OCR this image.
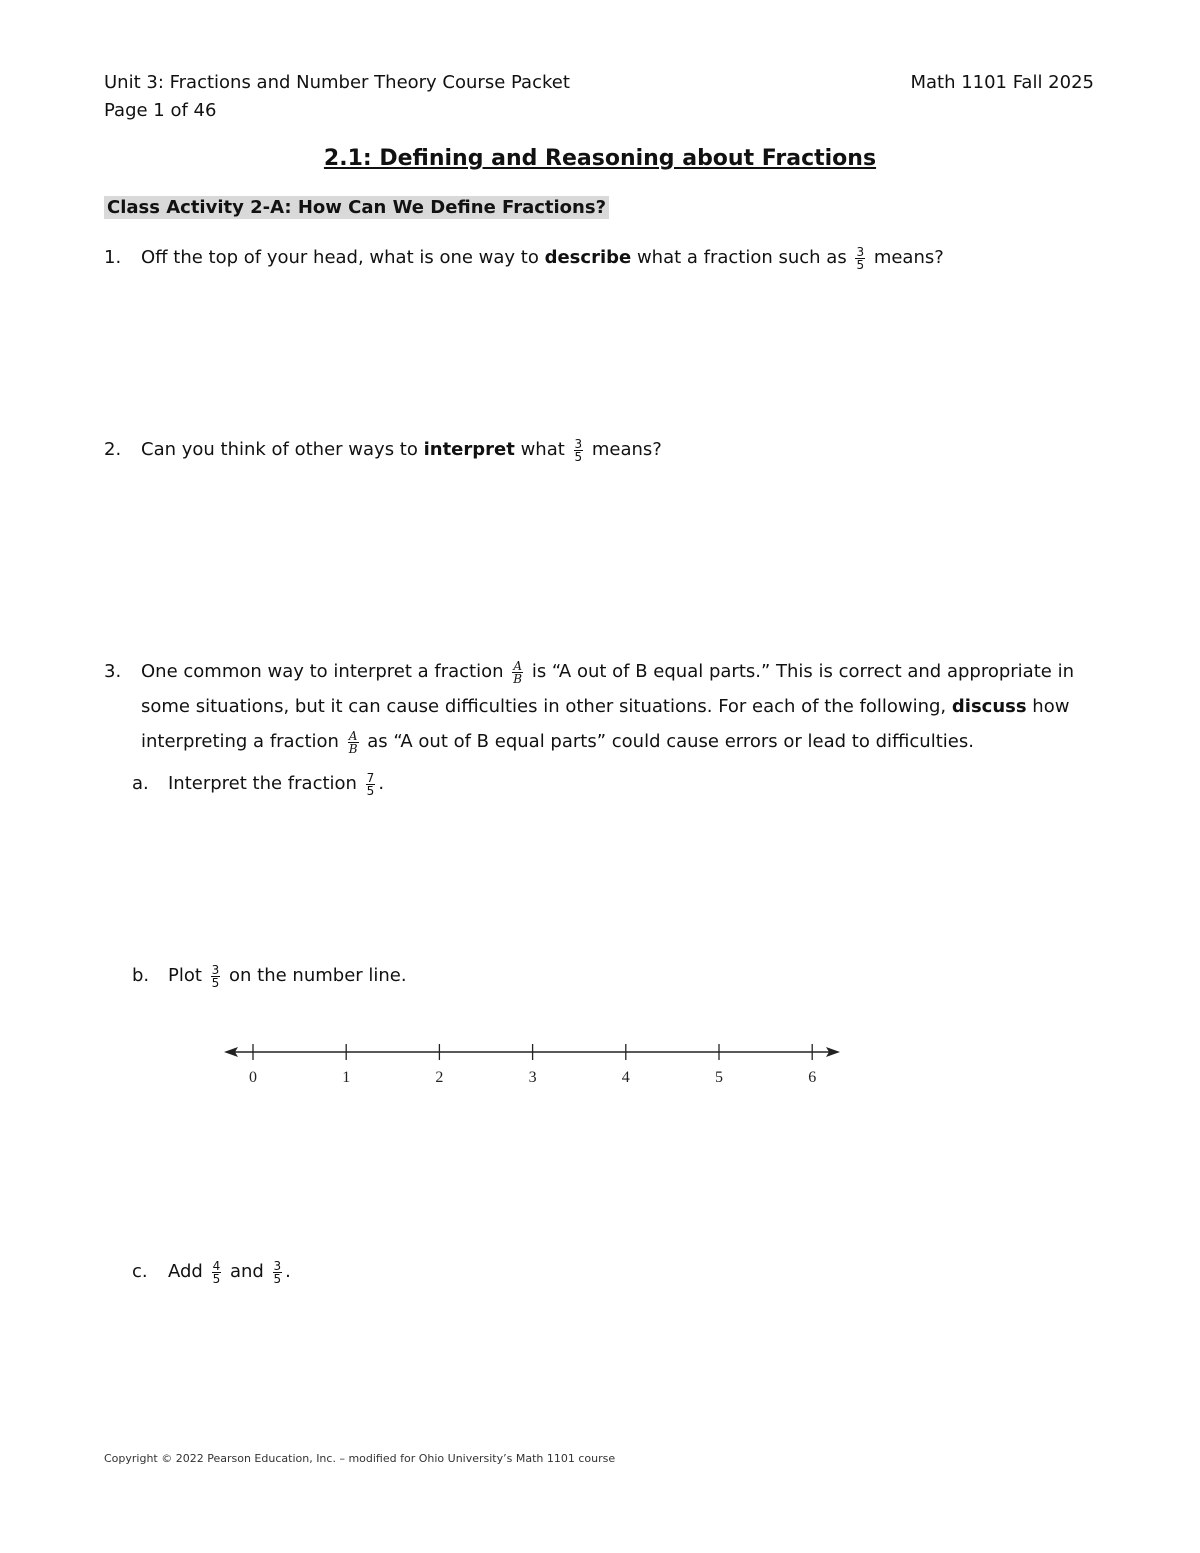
Unit 3: Fractions and Number Theory Course Packet
Page 1 of 46
Math 1101 Fall 2025
2.1: Defining and Reasoning about Fractions
Class Activity 2-A: How Can We Define Fractions?
1. Off the top of your head, what is one way to describe what a fraction such as $\frac{3}{5}$ means?
2. Can you think of other ways to interpret what $\frac{3}{5}$ means?
3. One common way to interpret a fraction $\frac{A}{B}$ is “A out of B equal parts.” This is correct and appropriate in
some situations, but it can cause difficulties in other situations. For each of the following, discuss how
interpreting a fraction $\frac{A}{B}$ as “A out of B equal parts” could cause errors or lead to difficulties.
a. Interpret the fraction $\frac{7}{5}$ .
b. Plot $\frac{3}{5}$ on the number line.
0	1	2	3	4	5	6
c. Add $\frac{4}{5}$ and $\frac{3}{5}$ .
Copyright © 2022 Pearson Education, Inc. – modified for Ohio University’s Math 1101 course
